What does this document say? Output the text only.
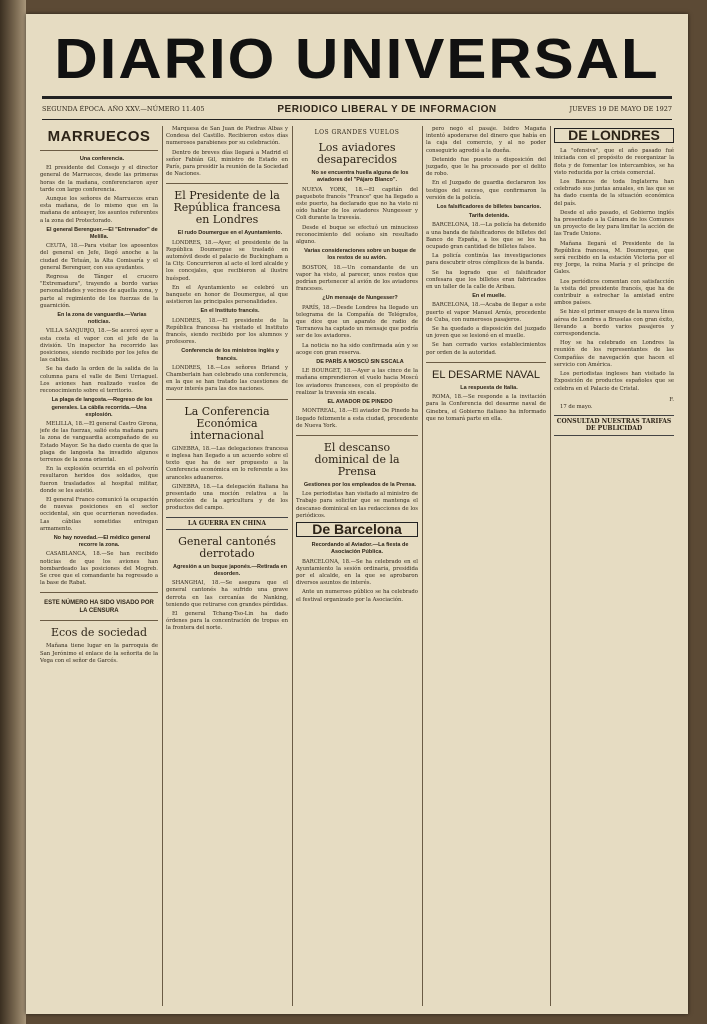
DIARIO UNIVERSAL
SEGUNDA ÉPOCA. AÑO XXV.—NÚMERO 11.405	PERIODICO LIBERAL Y DE INFORMACION	JUEVES 19 DE MAYO DE 1927
MARRUECOS

Una conferencia.

El presidente del Consejo y el director general de Marruecos, desde las primeras horas de la mañana, conferenciaron ayer tarde con largo conferencia.

Aunque los señores de Marruecos eran esta mañana, de lo mismo que en la mañana de anteayer, los asuntos referentes a la zona del Protectorado.

El general Berenguer.—El "Entrenador" de Melilla.

CEUTA, 18.—Para visitar los aposentos del general en Jefe, llegó anoche a la ciudad de Tetuán, la Alta Comisaría y el general Berenguer, con sus ayudantes.

Regresa de Tánger el crucero "Extremadura", trayendo a bordo varias personalidades y vecinos de aquella zona, y parte al regimiento de los fuerzas de la guarnición.

En la zona de vanguardia.—Varias noticias.

VILLA SANJURJO, 18.—Se acercó ayer a esta costa el vapor con el jefe de la división. Un inspector ha recorrido las posiciones, siendo recibido por los jefes de las cabilas.

Se ha dado la orden de la salida de la columna para el valle de Beni Urriaguel. Los aviones han realizado vuelos de reconocimiento sobre el territorio.

La plaga de langosta.—Regreso de los generales. La cábila recorrida.—Una explosión.

MELILLA, 18.—El general Castro Girona, jefe de las fuerzas, salió esta mañana para la zona de vanguardia acompañado de su Estado Mayor. Se ha dado cuenta de que la plaga de langosta ha invadido algunos terrenos de la zona oriental.

En la explosión ocurrida en el polvorín resultaron heridos dos soldados, que fueron trasladados al hospital militar, donde se les asistió.

El general Franco comunicó la ocupación de nuevas posiciones en el sector occidental, sin que ocurrieran novedades. Las cábilas sometidas entregan armamento.

No hay novedad.—El médico general recorre la zona.

CASABLANCA, 18.—Se han recibido noticias de que los aviones han bombardeado las posiciones del Mogreb. Se cree que el comandante ha regresado a la base de Rabat.

ESTE NÚMERO HA SIDO VISADO POR LA CENSURA
Ecos de sociedad

Mañana tiene lugar en la parroquia de San Jerónimo el enlace de la señorita de la Vega con el señor de Garcés.

Marquesa de San Juan de Piedras Albas y Condesa del Castillo. Recibieron estos días numerosos parabienes por su celebración.

Dentro de breves días llegará a Madrid el señor Fabián Gil, ministro de Estado en París, para presidir la reunión de la Sociedad de Naciones.

El Presidente de la República francesa en Londres

El rudo Doumergue en el Ayuntamiento.

LONDRES, 18.—Ayer, el presidente de la República Doumergue se trasladó en automóvil desde el palacio de Buckingham a la City. Concurrieron al acto el lord alcalde y los concejales, que recibieron al ilustre huésped.

En el Ayuntamiento se celebró un banquete en honor de Doumergue, al que asistieron las principales personalidades.

En el Instituto francés.

LONDRES, 18.—El presidente de la República francesa ha visitado el Instituto francés, siendo recibido por los alumnos y profesores.

Conferencia de los ministros inglés y francés.

LONDRES, 18.—Los señores Briand y Chamberlain han celebrado una conferencia, en la que se han tratado las cuestiones de mayor interés para las dos naciones.

La Conferencia Económica internacional

GINEBRA, 18.—Las delegaciones francesa e inglesa han llegado a un acuerdo sobre el texto que ha de ser propuesto a la Conferencia económica en lo referente a los aranceles aduaneros.

GINEBRA, 18.—La delegación italiana ha presentado una moción relativa a la protección de la agricultura y de los productos del campo.

LA GUERRA EN CHINA
General cantonés derrotado

Agresión a un buque japonés.—Retirada en desorden.

SHANGHAI, 18.—Se asegura que el general cantonés ha sufrido una grave derrota en las cercanías de Nanking, teniendo que retirarse con grandes pérdidas.

El general Tchang-Tso-Lin ha dado órdenes para la concentración de tropas en la frontera del norte.

LOS GRANDES VUELOS
Los aviadores desaparecidos

No se encuentra huella alguna de los aviadores del "Pájaro Blanco".

NUEVA YORK, 18.—El capitán del paquebote francés "France" que ha llegado a este puerto, ha declarado que no ha visto ni oído hablar de los aviadores Nungesser y Coli durante la travesía.

Desde el buque se efectuó un minucioso reconocimiento del océano sin resultado alguno.

Varias consideraciones sobre un buque de los restos de su avión.

BOSTON, 18.—Un comandante de un vapor ha visto, al parecer, unos restos que podrían pertenecer al avión de los aviadores franceses.

¿Un mensaje de Nungesser?

PARÍS, 18.—Desde Londres ha llegado un telegrama de la Compañía de Telégrafos, que dice que un aparato de radio de Terranova ha captado un mensaje que podría ser de los aviadores.

La noticia no ha sido confirmada aún y se acoge con gran reserva.

DE PARÍS A MOSCÚ SIN ESCALA

LE BOURGET, 18.—Ayer a las cinco de la mañana emprendieron el vuelo hacia Moscú los aviadores franceses, con el propósito de realizar la travesía sin escala.

EL AVIADOR DE PINEDO

MONTREAL, 18.—El aviador De Pinedo ha llegado felizmente a esta ciudad, procedente de Nueva York.

El descanso dominical de la Prensa

Gestiones por los empleados de la Prensa.

Los periodistas han visitado al ministro de Trabajo para solicitar que se mantenga el descanso dominical en las redacciones de los periódicos.

De Barcelona

Recordando al Aviador.—La fiesta de Asociación Pública.

BARCELONA, 18.—Se ha celebrado en el Ayuntamiento la sesión ordinaria, presidida por el alcalde, en la que se aprobaron diversos asuntos de interés.

Ante un numeroso público se ha celebrado el festival organizado por la Asociación.

pero negó el pasaje. Isidro Magaña intentó apoderarse del dinero que había en la caja del comercio, y al no poder conseguirlo agredió a la dueña.

Detenido fue puesto a disposición del juzgado, que le ha procesado por el delito de robo.

En el Juzgado de guardia declararon los testigos del suceso, que confirmaron la versión de la policía.

Los falsificadores de billetes bancarios.

Tarifa detenida.

BARCELONA, 18.—La policía ha detenido a una banda de falsificadores de billetes del Banco de España, a los que se les ha ocupado gran cantidad de billetes falsos.

La policía continúa las investigaciones para descubrir otros cómplices de la banda.

Se ha logrado que el falsificador confesara que los billetes eran fabricados en un taller de la calle de Aribau.

En el muelle.

BARCELONA, 18.—Acaba de llegar a este puerto el vapor Manuel Arnús, procedente de Cuba, con numerosos pasajeros.

Se ha quedado a disposición del juzgado un joven que se lesionó en el muelle.

Se han cerrado varios establecimientos por orden de la autoridad.

EL DESARME NAVAL

La respuesta de Italia.

ROMA, 18.—Se responde a la invitación para la Conferencia del desarme naval de Ginebra, el Gobierno italiano ha informado que no tomará parte en ella.

DE LONDRES

La "ofensiva", que el año pasado fué iniciada con el propósito de reorganizar la flota y de fomentar los intercambios, se ha visto reducida por la crisis comercial.

Los Bancos de toda Inglaterra han celebrado sus juntas anuales, en las que se ha dado cuenta de la situación económica del país.

Desde el año pasado, el Gobierno inglés ha presentado a la Cámara de los Comunes un proyecto de ley para limitar la acción de las Trade Unions.

Mañana llegará el Presidente de la República francesa, M. Doumergue, que será recibido en la estación Victoria por el rey Jorge, la reina María y el príncipe de Gales.

Los periódicos comentan con satisfacción la visita del presidente francés, que ha de contribuir a estrechar la amistad entre ambos países.

Se hizo el primer ensayo de la nueva línea aérea de Londres a Bruselas con gran éxito, llevando a bordo varios pasajeros y correspondencia.

Hoy se ha celebrado en Londres la reunión de los representantes de las Compañías de navegación que hacen el servicio con América.

Los periodistas ingleses han visitado la Exposición de productos españoles que se celebra en el Palacio de Cristal.

F.

17 de mayo.

CONSULTAD NUESTRAS TARIFAS DE PUBLICIDAD
